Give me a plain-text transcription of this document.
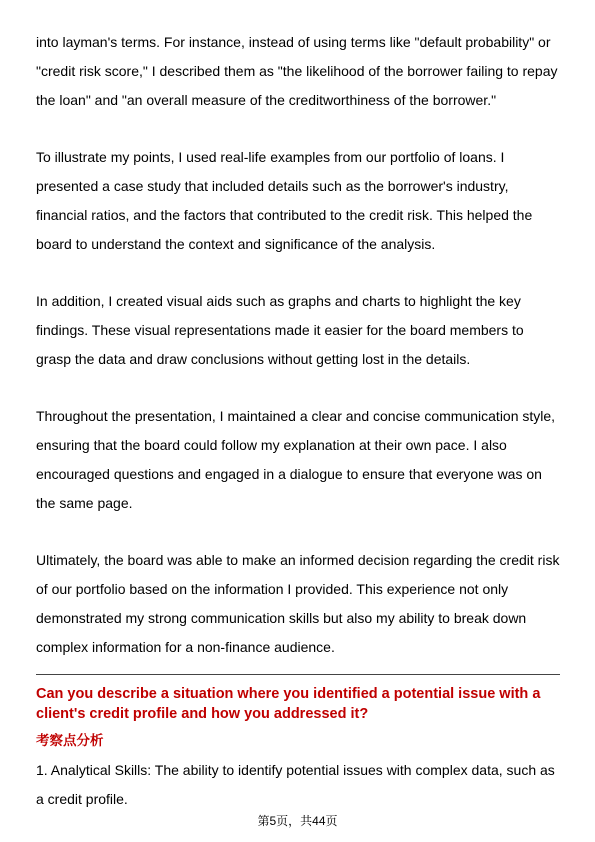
into layman's terms. For instance, instead of using terms like "default probability" or "credit risk score," I described them as "the likelihood of the borrower failing to repay the loan" and "an overall measure of the creditworthiness of the borrower."

To illustrate my points, I used real-life examples from our portfolio of loans. I presented a case study that included details such as the borrower's industry, financial ratios, and the factors that contributed to the credit risk. This helped the board to understand the context and significance of the analysis.

In addition, I created visual aids such as graphs and charts to highlight the key findings. These visual representations made it easier for the board members to grasp the data and draw conclusions without getting lost in the details.

Throughout the presentation, I maintained a clear and concise communication style, ensuring that the board could follow my explanation at their own pace. I also encouraged questions and engaged in a dialogue to ensure that everyone was on the same page.

Ultimately, the board was able to make an informed decision regarding the credit risk of our portfolio based on the information I provided. This experience not only demonstrated my strong communication skills but also my ability to break down complex information for a non-finance audience.

Can you describe a situation where you identified a potential issue with a client's credit profile and how you addressed it?
考察点分析

1. Analytical Skills: The ability to identify potential issues with complex data, such as a credit profile.

第5页，共44页
